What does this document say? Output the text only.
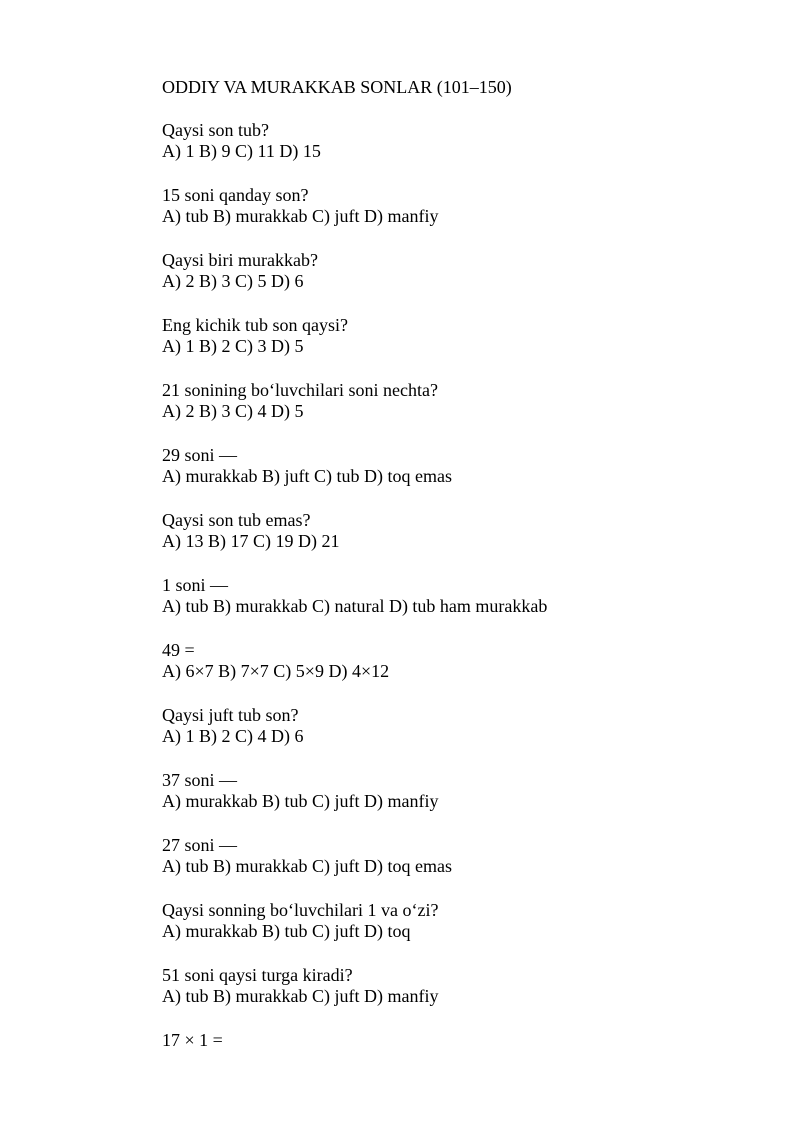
ODDIY VA MURAKKAB SONLAR (101–150)
Qaysi son tub?
A) 1 B) 9 C) 11 D) 15
15 soni qanday son?
A) tub B) murakkab C) juft D) manfiy
Qaysi biri murakkab?
A) 2 B) 3 C) 5 D) 6
Eng kichik tub son qaysi?
A) 1 B) 2 C) 3 D) 5
21 sonining bo‘luvchilari soni nechta?
A) 2 B) 3 C) 4 D) 5
29 soni —
A) murakkab B) juft C) tub D) toq emas
Qaysi son tub emas?
A) 13 B) 17 C) 19 D) 21
1 soni —
A) tub B) murakkab C) natural D) tub ham murakkab
49 =
A) 6×7 B) 7×7 C) 5×9 D) 4×12
Qaysi juft tub son?
A) 1 B) 2 C) 4 D) 6
37 soni —
A) murakkab B) tub C) juft D) manfiy
27 soni —
A) tub B) murakkab C) juft D) toq emas
Qaysi sonning bo‘luvchilari 1 va o‘zi?
A) murakkab B) tub C) juft D) toq
51 soni qaysi turga kiradi?
A) tub B) murakkab C) juft D) manfiy
17 × 1 =
